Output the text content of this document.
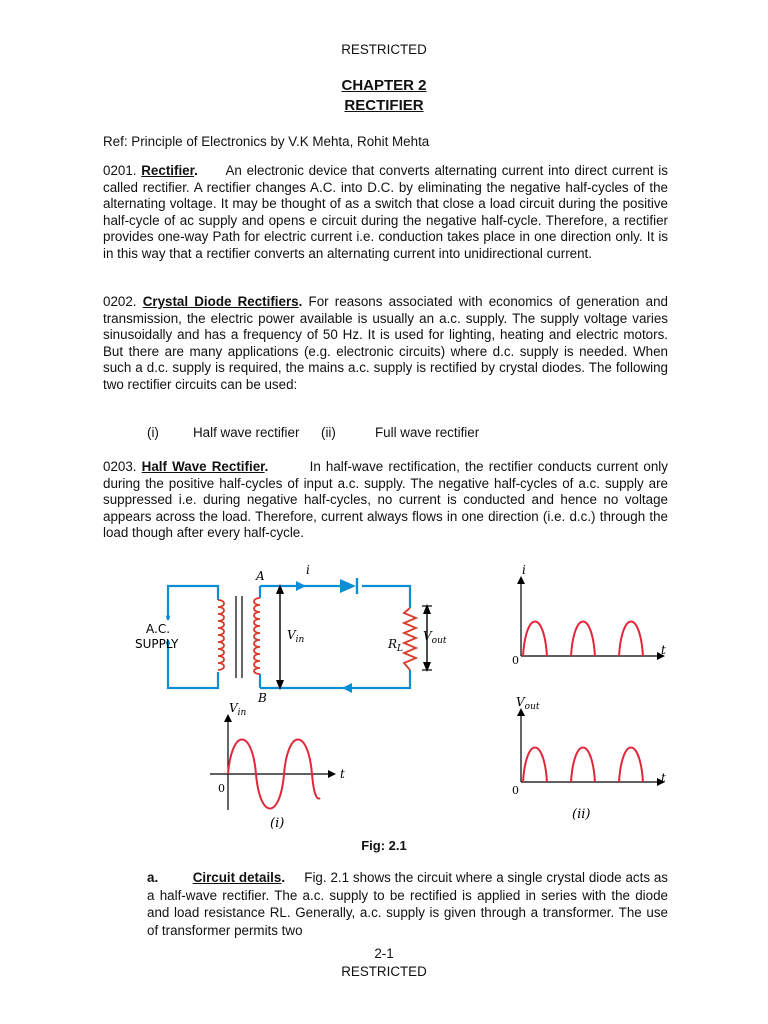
RESTRICTED
CHAPTER 2
RECTIFIER
Ref: Principle of Electronics by V.K Mehta, Rohit Mehta
0201. Rectifier. An electronic device that converts alternating current into direct current is called rectifier. A rectifier changes A.C. into D.C. by eliminating the negative half-cycles of the alternating voltage. It may be thought of as a switch that close a load circuit during the positive half-cycle of ac supply and opens e circuit during the negative half-cycle. Therefore, a rectifier provides one-way Path for electric current i.e. conduction takes place in one direction only. It is in this way that a rectifier converts an alternating current into unidirectional current.
0202. Crystal Diode Rectifiers. For reasons associated with economics of generation and transmission, the electric power available is usually an a.c. supply. The supply voltage varies sinusoidally and has a frequency of 50 Hz. It is used for lighting, heating and electric motors. But there are many applications (e.g. electronic circuits) where d.c. supply is needed. When such a d.c. supply is required, the mains a.c. supply is rectified by crystal diodes. The following two rectifier circuits can be used:
(i)	Half wave rectifier (ii)	Full wave rectifier
0203. Half Wave Rectifier.	In half-wave rectification, the rectifier conducts current only during the positive half-cycles of input a.c. supply. The negative half-cycles of a.c. supply are suppressed i.e. during negative half-cycles, no current is conducted and hence no voltage appears across the load. Therefore, current always flows in one direction (i.e. d.c.) through the load though after every half-cycle.
A.C.
SUPPLY
A
B
i
$V_{in}$	$R_L$
$V_{out}$
i
t
0
$V_{in}$
t
0
(i)
$V_{out}$
t
0
(ii)
Fig: 2.1
a.	Circuit details. Fig. 2.1 shows the circuit where a single crystal diode acts as a half-wave rectifier. The a.c. supply to be rectified is applied in series with the diode and load resistance RL. Generally, a.c. supply is given through a transformer. The use of transformer permits two
2-1
RESTRICTED
